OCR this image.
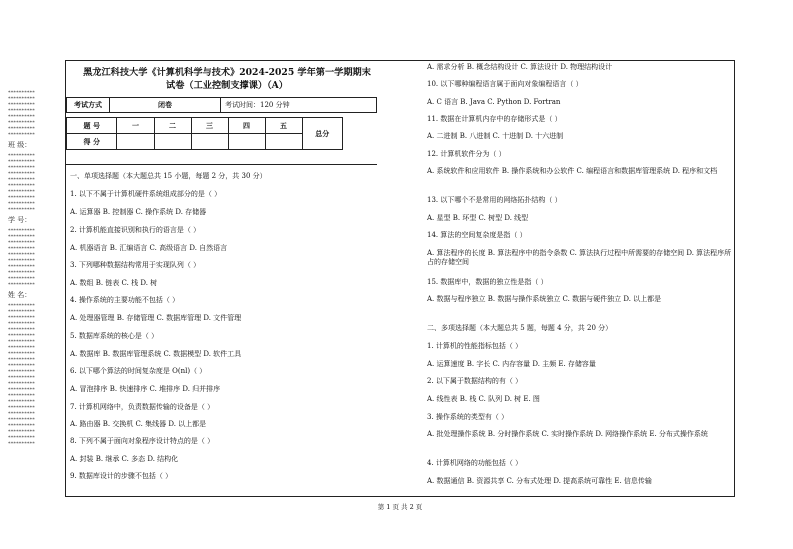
**********
**********
**********
**********
**********
**********
**********
**********
班 级：
**********
**********
**********
**********
**********
**********
**********
**********
**********
**********
学 号：
**********
**********
**********
**********
**********
**********
**********
**********
**********
**********
姓 名：
**********
**********
**********
**********
**********
**********
**********
**********
**********
**********
**********
**********
**********
**********
**********
**********
**********
**********
**********
**********
**********
**********
**********
**********
黑龙江科技大学《计算机科学与技术》2024-2025 学年第一学期期末
试卷（工业控制支撑课）（A）
考试方式	闭卷	考试时间：120 分钟
题 号	一	二	三	四	五	总分
得 分						
一、单项选择题（本大题总共 15 小题，每题 2 分，共 30 分）
1. 以下不属于计算机硬件系统组成部分的是（ ）
A. 运算器 B. 控制器 C. 操作系统 D. 存储器
2. 计算机能直接识别和执行的语言是（ ）
A. 机器语言 B. 汇编语言 C. 高级语言 D. 自然语言
3. 下列哪种数据结构常用于实现队列（ ）
A. 数组 B. 链表 C. 栈 D. 树
4. 操作系统的主要功能不包括（ ）
A. 处理器管理 B. 存储管理 C. 数据库管理 D. 文件管理
5. 数据库系统的核心是（ ）
A. 数据库 B. 数据库管理系统 C. 数据模型 D. 软件工具
6. 以下哪个算法的时间复杂度是 O(nl)（ ）
A. 冒泡排序 B. 快速排序 C. 堆排序 D. 归并排序
7. 计算机网络中，负责数据传输的设备是（ ）
A. 路由器 B. 交换机 C. 集线器 D. 以上都是
8. 下列不属于面向对象程序设计特点的是（ ）
A. 封装 B. 继承 C. 多态 D. 结构化
9. 数据库设计的步骤不包括（ ）
A. 需求分析 B. 概念结构设计 C. 算法设计 D. 物理结构设计
10. 以下哪种编程语言属于面向对象编程语言（ ）
A. C 语言 B. Java C. Python D. Fortran
11. 数据在计算机内存中的存储形式是（ ）
A. 二进制 B. 八进制 C. 十进制 D. 十六进制
12. 计算机软件分为（ ）
A. 系统软件和应用软件 B. 操作系统和办公软件 C. 编程语言和数据库管理系统 D. 程序和文档
13. 以下哪个不是常用的网络拓扑结构（ ）
A. 星型 B. 环型 C. 树型 D. 线型
14. 算法的空间复杂度是指（ ）
A. 算法程序的长度 B. 算法程序中的指令条数 C. 算法执行过程中所需要的存储空间 D. 算法程序所占的存储空间
15. 数据库中，数据的独立性是指（ ）
A. 数据与程序独立 B. 数据与操作系统独立 C. 数据与硬件独立 D. 以上都是
二、多项选择题（本大题总共 5 题，每题 4 分，共 20 分）
1. 计算机的性能指标包括（ ）
A. 运算速度 B. 字长 C. 内存容量 D. 主频 E. 存储容量
2. 以下属于数据结构的有（ ）
A. 线性表 B. 栈 C. 队列 D. 树 E. 图
3. 操作系统的类型有（ ）
A. 批处理操作系统 B. 分时操作系统 C. 实时操作系统 D. 网络操作系统 E. 分布式操作系统
4. 计算机网络的功能包括（ ）
A. 数据通信 B. 资源共享 C. 分布式处理 D. 提高系统可靠性 E. 信息传输
第 1 页 共 2 页
